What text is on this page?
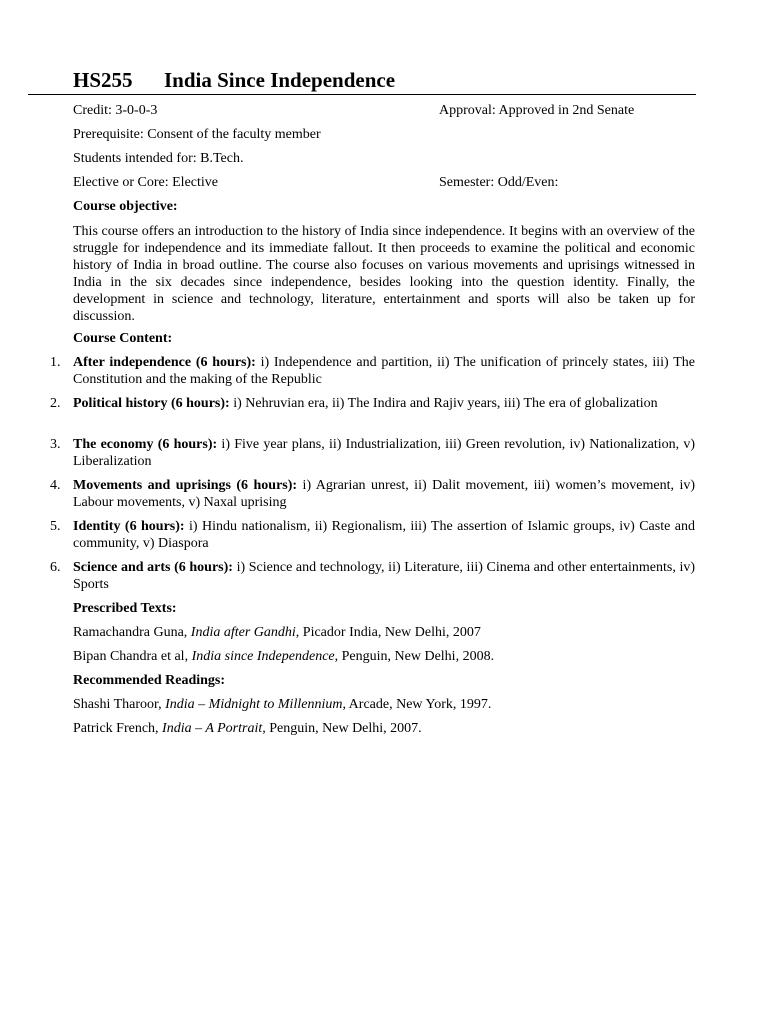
HS255 India Since Independence
Credit: 3-0-0-3	Approval: Approved in 2nd Senate
Prerequisite: Consent of the faculty member
Students intended for: B.Tech.
Elective or Core: Elective	Semester: Odd/Even:
Course objective:
This course offers an introduction to the history of India since independence. It begins with an overview of the struggle for independence and its immediate fallout. It then proceeds to examine the political and economic history of India in broad outline. The course also focuses on various movements and uprisings witnessed in India in the six decades since independence, besides looking into the question identity. Finally, the development in science and technology, literature, entertainment and sports will also be taken up for discussion.
Course Content:
1. After independence (6 hours): i) Independence and partition, ii) The unification of princely states, iii) The Constitution and the making of the Republic
2. Political history (6 hours): i) Nehruvian era, ii) The Indira and Rajiv years, iii) The era of globalization
3. The economy (6 hours): i) Five year plans, ii) Industrialization, iii) Green revolution, iv) Nationalization, v) Liberalization
4. Movements and uprisings (6 hours): i) Agrarian unrest, ii) Dalit movement, iii) women’s movement, iv) Labour movements, v) Naxal uprising
5. Identity (6 hours): i) Hindu nationalism, ii) Regionalism, iii) The assertion of Islamic groups, iv) Caste and community, v) Diaspora
6. Science and arts (6 hours): i) Science and technology, ii) Literature, iii) Cinema and other entertainments, iv) Sports
Prescribed Texts:
Ramachandra Guna, India after Gandhi, Picador India, New Delhi, 2007
Bipan Chandra et al, India since Independence, Penguin, New Delhi, 2008.
Recommended Readings:
Shashi Tharoor, India – Midnight to Millennium, Arcade, New York, 1997.
Patrick French, India – A Portrait, Penguin, New Delhi, 2007.
